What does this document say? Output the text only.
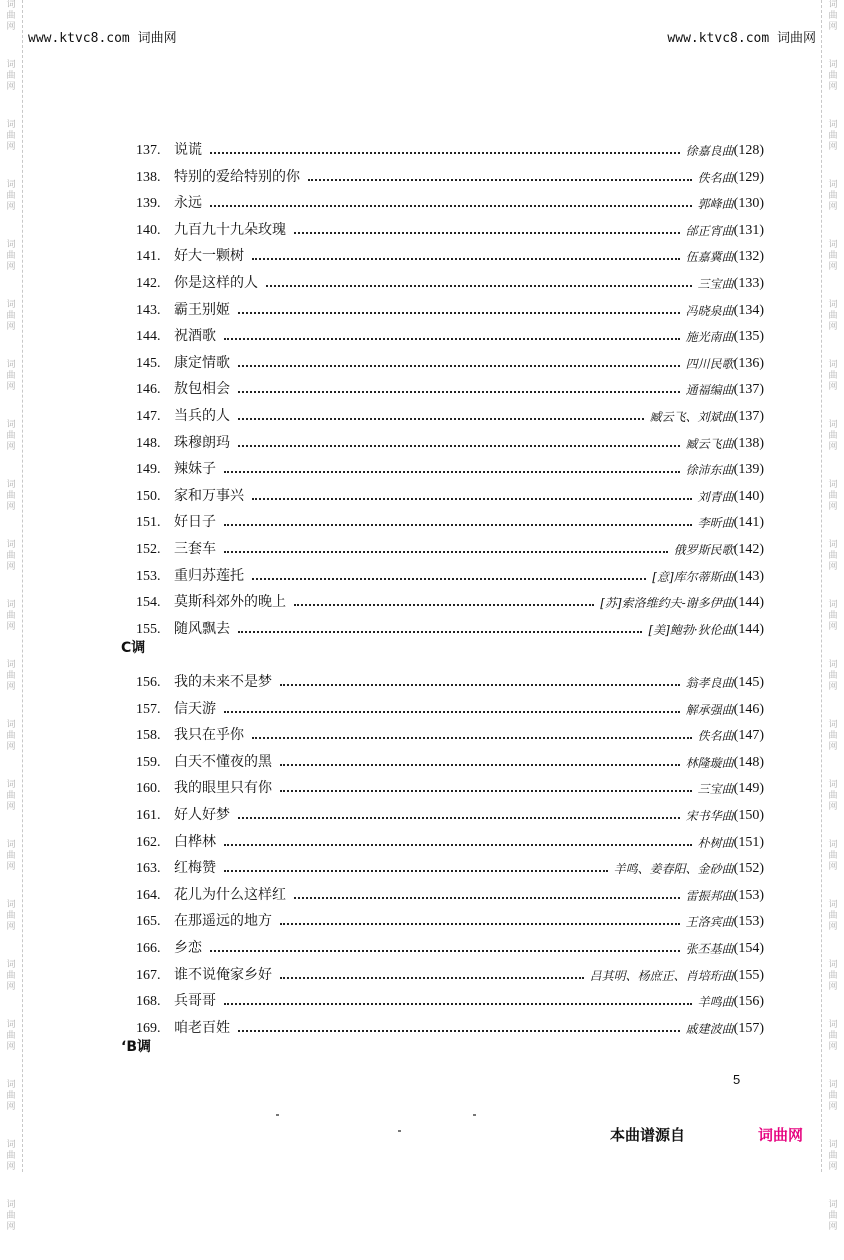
词
曲
网
词
曲
网
词
曲
网
词
曲
网
词
曲
网
词
曲
网
词
曲
网
词
曲
网
词
曲
网
词
曲
网
词
曲
网
词
曲
网
词
曲
网
词
曲
网
词
曲
网
词
曲
网
词
曲
网
词
曲
网
词
曲
网
词
曲
网
词
曲
网
词
曲
网
词
曲
网
词
曲
网
词
曲
网
词
曲
网
词
曲
网
词
曲
网
词
曲
网
词
曲
网
词
曲
网
词
曲
网
词
曲
网
词
曲
网
词
曲
网
词
曲
网
词
曲
网
词
曲
网
词
曲
网
词
曲
网
词
曲
网
词
曲
网
www.ktvc8.com 词曲网	www.ktvc8.com 词曲网
137. 说谎	徐嘉良曲 (128)
138. 特别的爱给特别的你	佚名曲 (129)
139. 永远	郭峰曲 (130)
140. 九百九十九朵玫瑰	邰正宵曲 (131)
141. 好大一颗树	伍嘉冀曲 (132)
142. 你是这样的人	三宝曲 (133)
143. 霸王别姬	冯晓泉曲 (134)
144. 祝酒歌	施光南曲 (135)
145. 康定情歌	四川民歌 (136)
146. 敖包相会	通福编曲 (137)
147. 当兵的人	臧云飞、刘斌曲 (137)
148. 珠穆朗玛	臧云飞曲 (138)
149. 辣妹子	徐沛东曲 (139)
150. 家和万事兴	刘青曲 (140)
151. 好日子	李昕曲 (141)
152. 三套车	俄罗斯民歌 (142)
153. 重归苏莲托	[意]库尔蒂斯曲 (143)
154. 莫斯科郊外的晚上	[苏]索洛维约夫-谢多伊曲 (144)
155. 随风飘去	[美]鲍勃·狄伦曲 (144)
C调
156. 我的未来不是梦	翁孝良曲 (145)
157. 信天游	解承强曲 (146)
158. 我只在乎你	佚名曲 (147)
159. 白天不懂夜的黑	林隆璇曲 (148)
160. 我的眼里只有你	三宝曲 (149)
161. 好人好梦	宋书华曲 (150)
162. 白桦林	朴树曲 (151)
163. 红梅赞	羊鸣、姜春阳、金砂曲 (152)
164. 花儿为什么这样红	雷振邦曲 (153)
165. 在那遥远的地方	王洛宾曲 (153)
166. 乡恋	张丕基曲 (154)
167. 谁不说俺家乡好	吕其明、杨庶正、肖培珩曲 (155)
168. 兵哥哥	羊鸣曲 (156)
169. 咱老百姓	戚建波曲 (157)
ʻB调
5
本曲谱源自	词曲网
